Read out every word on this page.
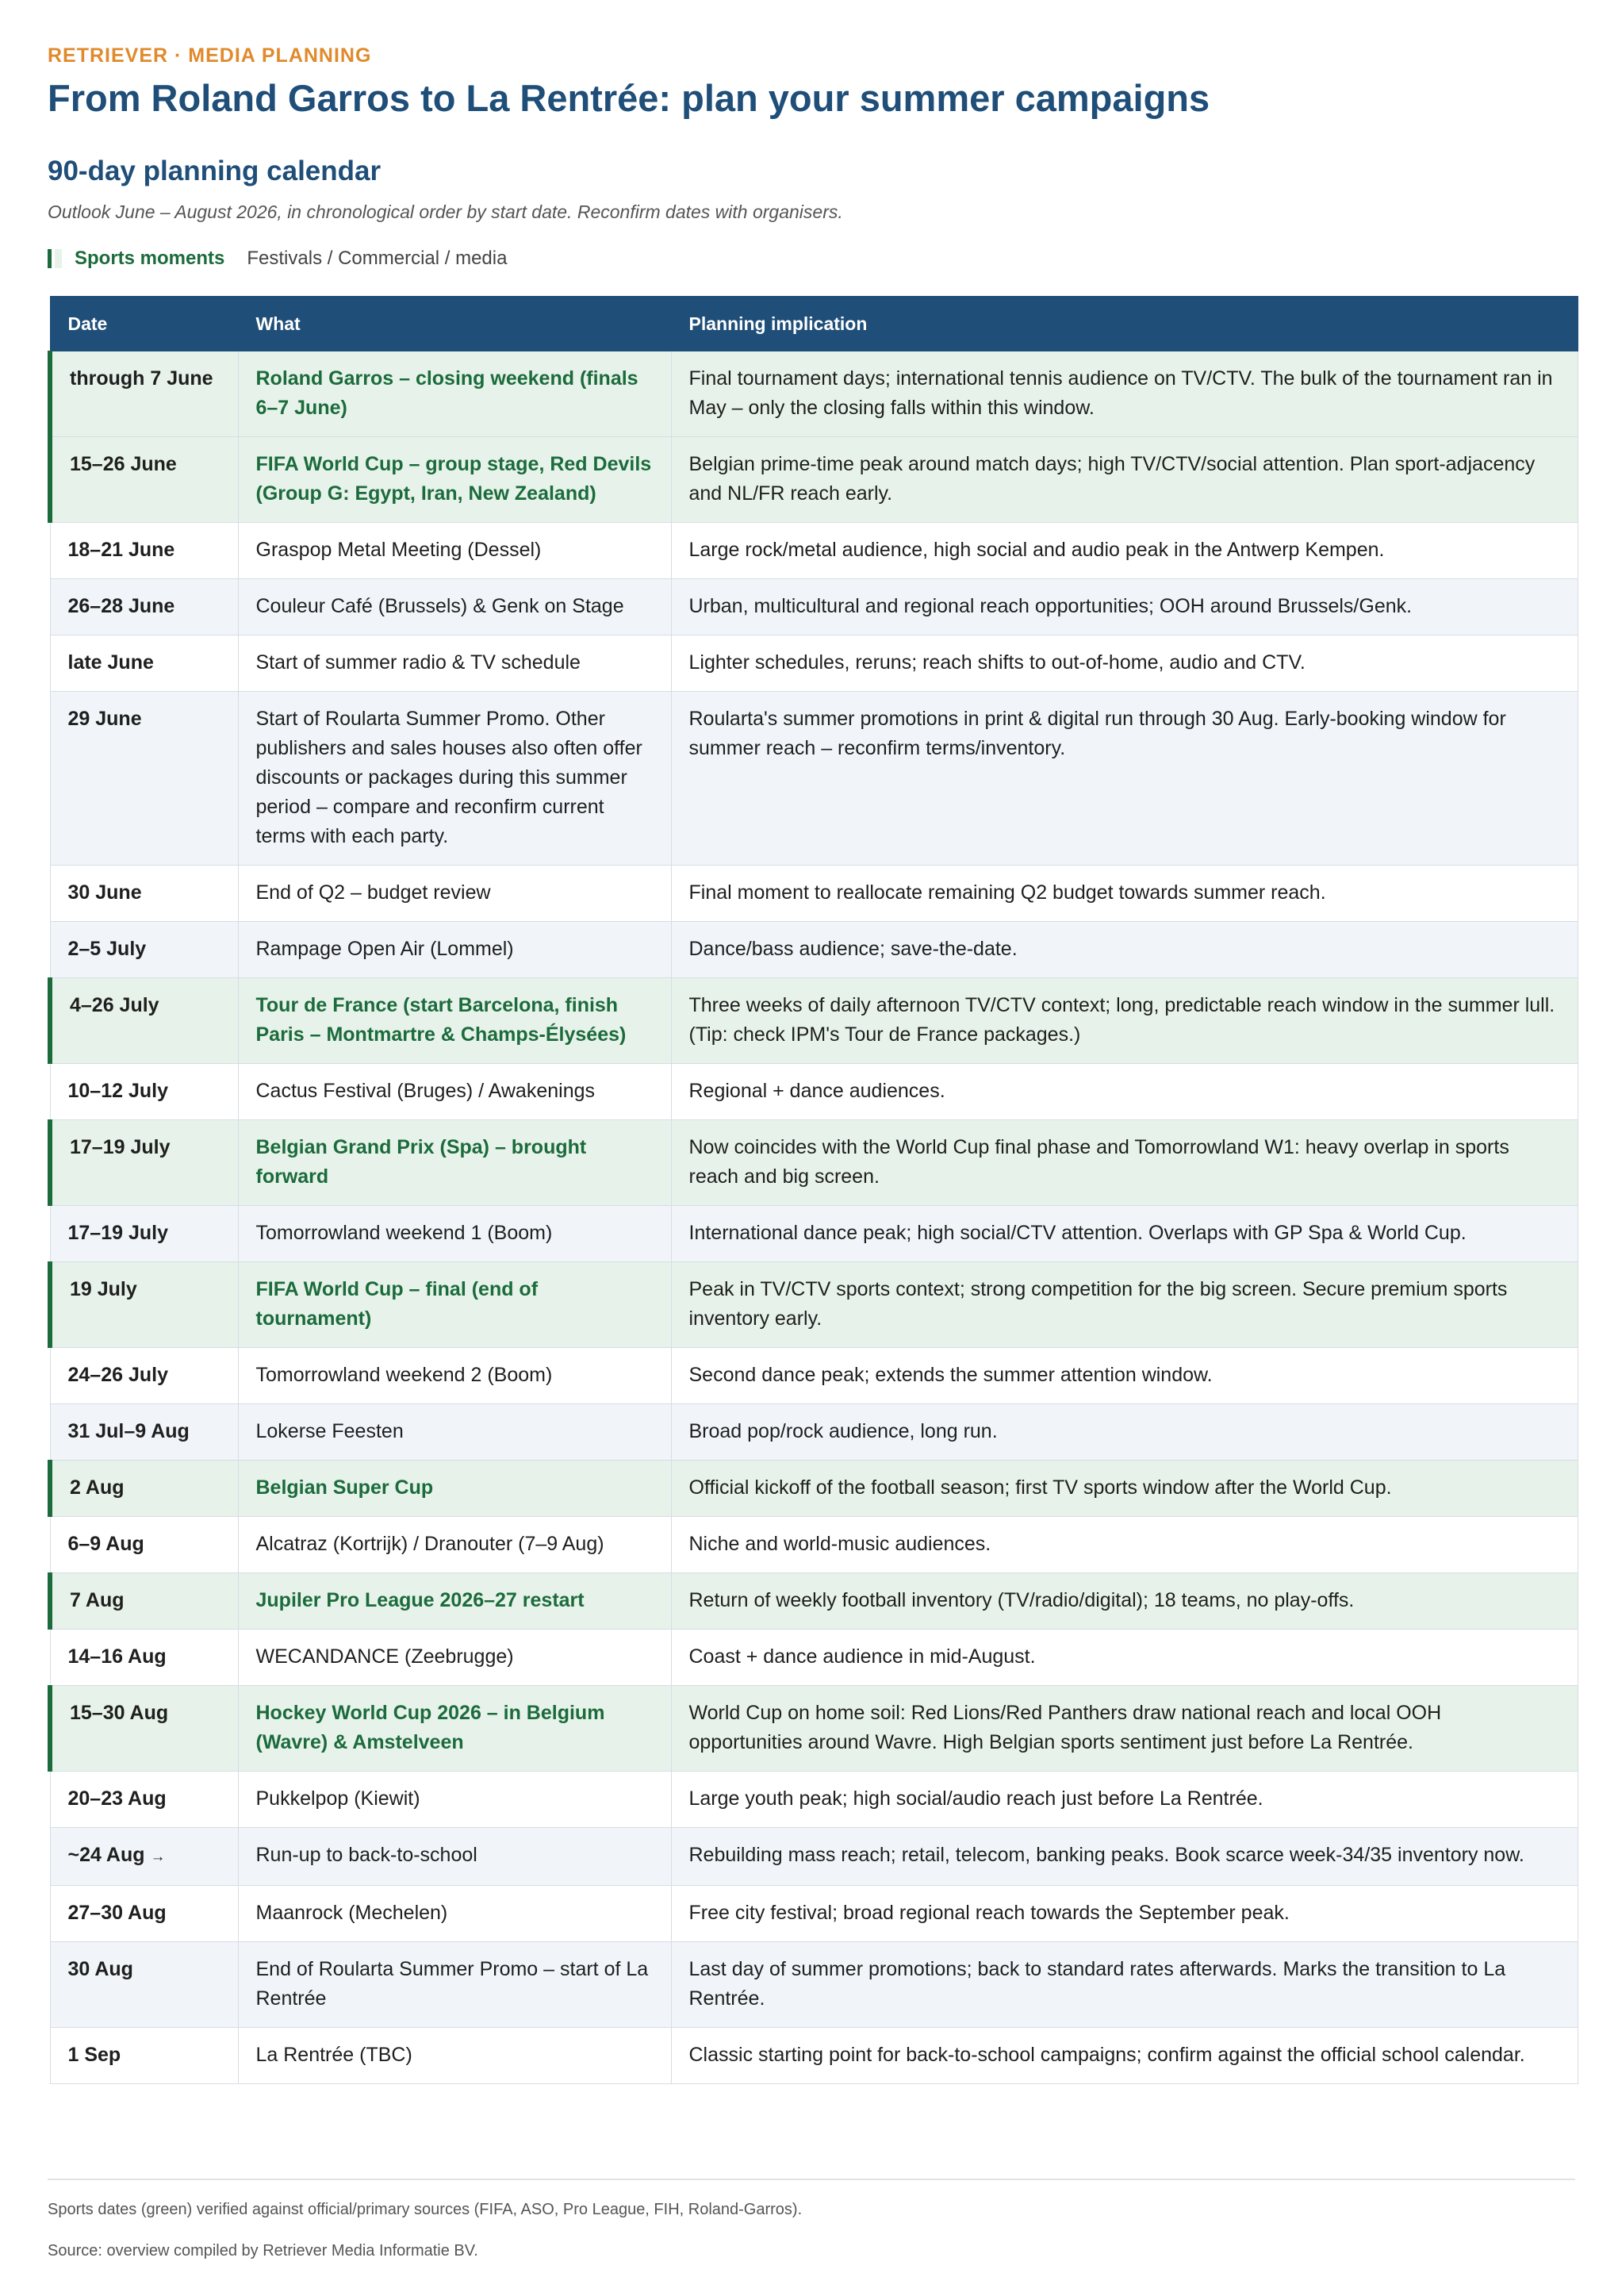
RETRIEVER · MEDIA PLANNING
From Roland Garros to La Rentrée: plan your summer campaigns
90-day planning calendar
Outlook June – August 2026, in chronological order by start date. Reconfirm dates with organisers.
Sports moments Festivals / Commercial / media
Date	What	Planning implication
through 7 June	Roland Garros – closing weekend (finals 6–7 June)	Final tournament days; international tennis audience on TV/CTV. The bulk of the tournament ran in May – only the closing falls within this window.
15–26 June	FIFA World Cup – group stage, Red Devils (Group G: Egypt, Iran, New Zealand)	Belgian prime-time peak around match days; high TV/CTV/social attention. Plan sport-adjacency and NL/FR reach early.
18–21 June	Graspop Metal Meeting (Dessel)	Large rock/metal audience, high social and audio peak in the Antwerp Kempen.
26–28 June	Couleur Café (Brussels) & Genk on Stage	Urban, multicultural and regional reach opportunities; OOH around Brussels/Genk.
late June	Start of summer radio & TV schedule	Lighter schedules, reruns; reach shifts to out-of-home, audio and CTV.
29 June	Start of Roularta Summer Promo. Other publishers and sales houses also often offer discounts or packages during this summer period – compare and reconfirm current terms with each party.	Roularta's summer promotions in print & digital run through 30 Aug. Early-booking window for summer reach – reconfirm terms/inventory.
30 June	End of Q2 – budget review	Final moment to reallocate remaining Q2 budget towards summer reach.
2–5 July	Rampage Open Air (Lommel)	Dance/bass audience; save-the-date.
4–26 July	Tour de France (start Barcelona, finish Paris – Montmartre & Champs-Élysées)	Three weeks of daily afternoon TV/CTV context; long, predictable reach window in the summer lull. (Tip: check IPM's Tour de France packages.)
10–12 July	Cactus Festival (Bruges) / Awakenings	Regional + dance audiences.
17–19 July	Belgian Grand Prix (Spa) – brought forward	Now coincides with the World Cup final phase and Tomorrowland W1: heavy overlap in sports reach and big screen.
17–19 July	Tomorrowland weekend 1 (Boom)	International dance peak; high social/CTV attention. Overlaps with GP Spa & World Cup.
19 July	FIFA World Cup – final (end of tournament)	Peak in TV/CTV sports context; strong competition for the big screen. Secure premium sports inventory early.
24–26 July	Tomorrowland weekend 2 (Boom)	Second dance peak; extends the summer attention window.
31 Jul–9 Aug	Lokerse Feesten	Broad pop/rock audience, long run.
2 Aug	Belgian Super Cup	Official kickoff of the football season; first TV sports window after the World Cup.
6–9 Aug	Alcatraz (Kortrijk) / Dranouter (7–9 Aug)	Niche and world-music audiences.
7 Aug	Jupiler Pro League 2026–27 restart	Return of weekly football inventory (TV/radio/digital); 18 teams, no play-offs.
14–16 Aug	WECANDANCE (Zeebrugge)	Coast + dance audience in mid-August.
15–30 Aug	Hockey World Cup 2026 – in Belgium (Wavre) & Amstelveen	World Cup on home soil: Red Lions/Red Panthers draw national reach and local OOH opportunities around Wavre. High Belgian sports sentiment just before La Rentrée.
20–23 Aug	Pukkelpop (Kiewit)	Large youth peak; high social/audio reach just before La Rentrée.
~24 Aug →	Run-up to back-to-school	Rebuilding mass reach; retail, telecom, banking peaks. Book scarce week-34/35 inventory now.
27–30 Aug	Maanrock (Mechelen)	Free city festival; broad regional reach towards the September peak.
30 Aug	End of Roularta Summer Promo – start of La Rentrée	Last day of summer promotions; back to standard rates afterwards. Marks the transition to La Rentrée.
1 Sep	La Rentrée (TBC)	Classic starting point for back-to-school campaigns; confirm against the official school calendar.
Sports dates (green) verified against official/primary sources (FIFA, ASO, Pro League, FIH, Roland-Garros).
Source: overview compiled by Retriever Media Informatie BV.
